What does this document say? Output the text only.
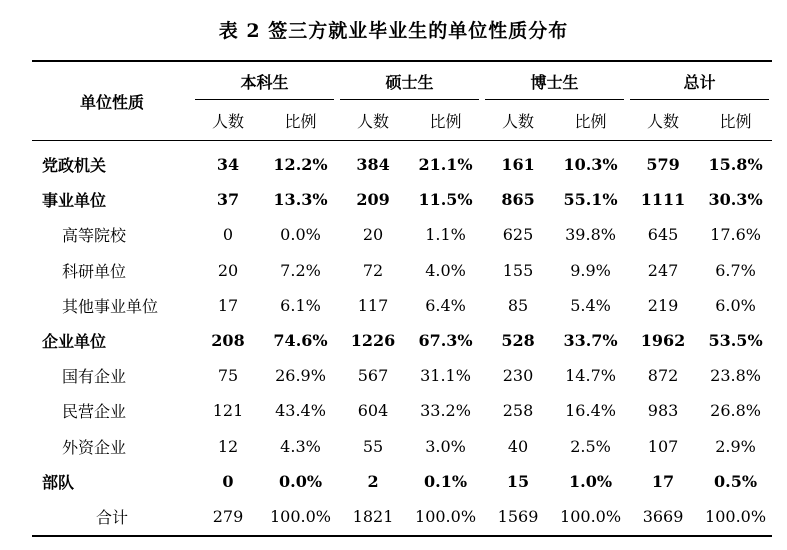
表 2 签三方就业毕业生的单位性质分布
单位性质	本科生		硕士生		博士生		总计	
	人数	比例	人数	比例	人数	比例	人数	比例
党政机关	34	12.2%	384	21.1%	161	10.3%	579	15.8%
事业单位	37	13.3%	209	11.5%	865	55.1%	1111	30.3%
高等院校	0	0.0%	20	1.1%	625	39.8%	645	17.6%
科研单位	20	7.2%	72	4.0%	155	9.9%	247	6.7%
其他事业单位	17	6.1%	117	6.4%	85	5.4%	219	6.0%
企业单位	208	74.6%	1226	67.3%	528	33.7%	1962	53.5%
国有企业	75	26.9%	567	31.1%	230	14.7%	872	23.8%
民营企业	121	43.4%	604	33.2%	258	16.4%	983	26.8%
外资企业	12	4.3%	55	3.0%	40	2.5%	107	2.9%
部队	0	0.0%	2	0.1%	15	1.0%	17	0.5%
合计	279	100.0%	1821	100.0%	1569	100.0%	3669	100.0%
